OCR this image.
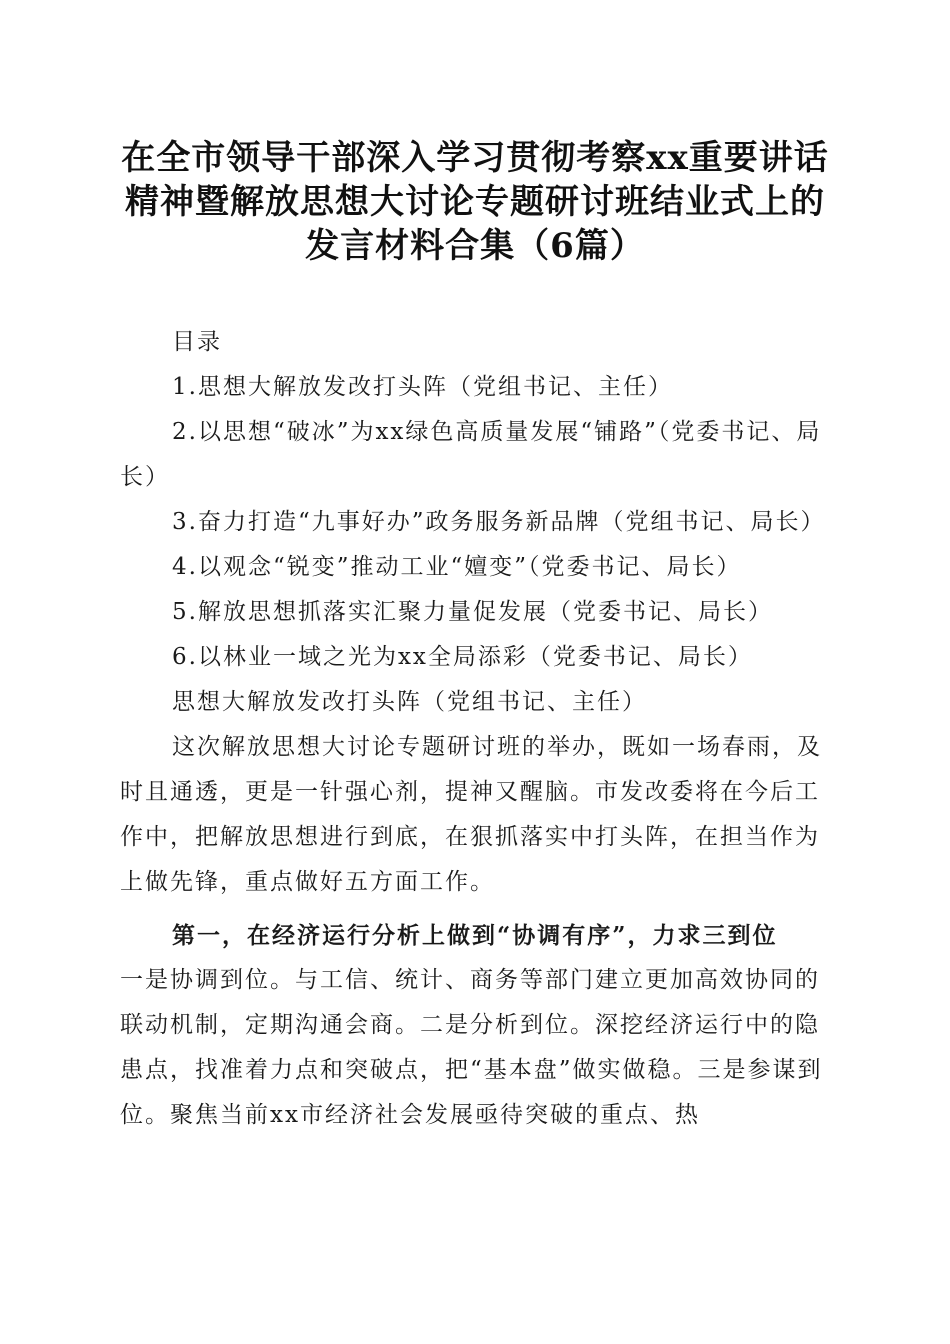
在全市领导干部深入学习贯彻考察xx重要讲话精神暨解放思想大讨论专题研讨班结业式上的发言材料合集（6篇）

目录

1.思想大解放发改打头阵（党组书记、主任）

2.以思想“破冰”为xx绿色高质量发展“铺路”（党委书记、局长）

3.奋力打造“九事好办”政务服务新品牌（党组书记、局长）

4.以观念“锐变”推动工业“嬗变”（党委书记、局长）

5.解放思想抓落实汇聚力量促发展（党委书记、局长）

6.以林业一域之光为xx全局添彩（党委书记、局长）

思想大解放发改打头阵（党组书记、主任）

这次解放思想大讨论专题研讨班的举办，既如一场春雨，及时且通透，更是一针强心剂，提神又醒脑。市发改委将在今后工作中，把解放思想进行到底，在狠抓落实中打头阵，在担当作为上做先锋，重点做好五方面工作。

第一，在经济运行分析上做到“协调有序”，力求三到位

一是协调到位。与工信、统计、商务等部门建立更加高效协同的联动机制，定期沟通会商。二是分析到位。深挖经济运行中的隐患点，找准着力点和突破点，把“基本盘”做实做稳。三是参谋到位。聚焦当前xx市经济社会发展亟待突破的重点、热
